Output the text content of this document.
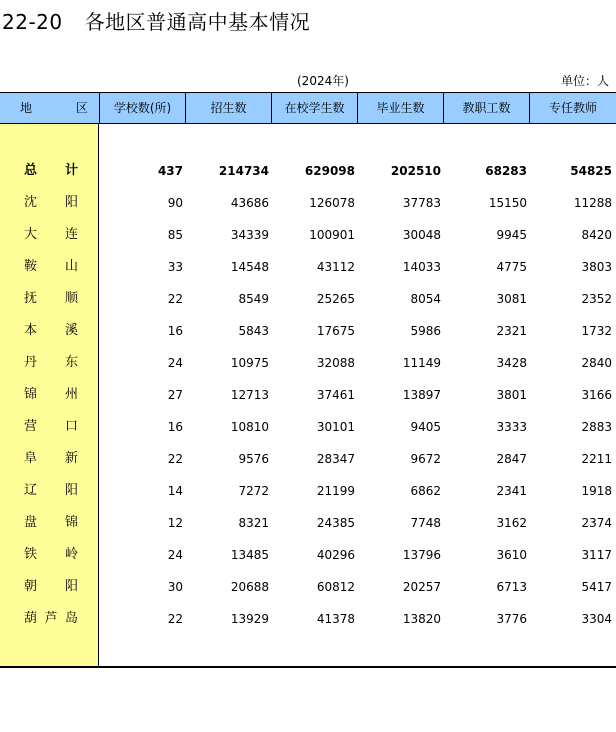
22-20 各地区普通高中基本情况
(2024年)	单位：人
地 区 学校数(所)	招生数	在校学生数	毕业生数	教职工数	专任教师
总 计	437	214734	629098	202510	68283	54825
沈 阳	90	43686	126078	37783	15150	11288
大 连	85	34339	100901	30048	9945	8420
鞍 山	33	14548	43112	14033	4775	3803
抚 顺	22	8549	25265	8054	3081	2352
本 溪	16	5843	17675	5986	2321	1732
丹 东	24	10975	32088	11149	3428	2840
锦 州	27	12713	37461	13897	3801	3166
营 口	16	10810	30101	9405	3333	2883
阜 新	22	9576	28347	9672	2847	2211
辽 阳	14	7272	21199	6862	2341	1918
盘 锦	12	8321	24385	7748	3162	2374
铁 岭	24	13485	40296	13796	3610	3117
朝 阳	30	20688	60812	20257	6713	5417
葫 芦 岛	22	13929	41378	13820	3776	3304
